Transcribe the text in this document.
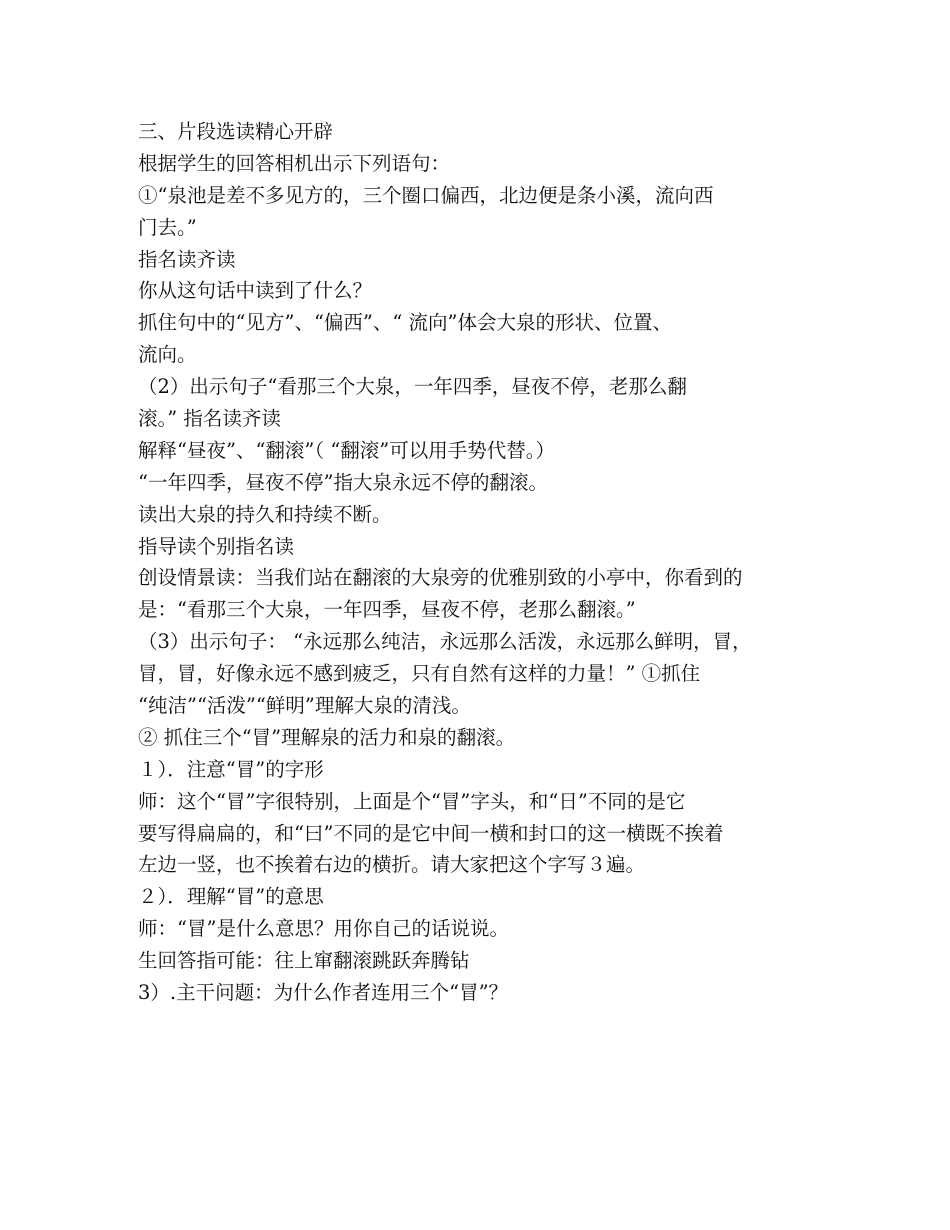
三、片段选读精心开辟
根据学生的回答相机出示下列语句：
①“泉池是差不多见方的，三个圈口偏西，北边便是条小溪，流向西
门去。”
指名读齐读
你从这句话中读到了什么？
抓住句中的“见方”、“偏西”、“ 流向”体会大泉的形状、位置、
流向。
（2）出示句子“看那三个大泉，一年四季，昼夜不停，老那么翻
滚。” 指名读齐读
解释“昼夜”、“翻滚”（ “翻滚”可以用手势代替。）
“一年四季，昼夜不停”指大泉永远不停的翻滚。
读出大泉的持久和持续不断。
指导读个别指名读
创设情景读：当我们站在翻滚的大泉旁的优雅别致的小亭中，你看到的
是：“看那三个大泉，一年四季，昼夜不停，老那么翻滚。”
（3）出示句子： “永远那么纯洁，永远那么活泼，永远那么鲜明，冒，
冒，冒，好像永远不感到疲乏，只有自然有这样的力量！” ①抓住
“纯洁”“活泼”“鲜明”理解大泉的清浅。
② 抓住三个“冒”理解泉的活力和泉的翻滚。
１）．注意“冒”的字形
师：这个“冒”字很特别，上面是个“冒”字头，和“日”不同的是它
要写得扁扁的，和“曰”不同的是它中间一横和封口的这一横既不挨着
左边一竖，也不挨着右边的横折。请大家把这个字写３遍。
２）．理解“冒”的意思
师：“冒”是什么意思？用你自己的话说说。
生回答指可能：往上窜翻滚跳跃奔腾钻
3）.主干问题：为什么作者连用三个“冒”？
